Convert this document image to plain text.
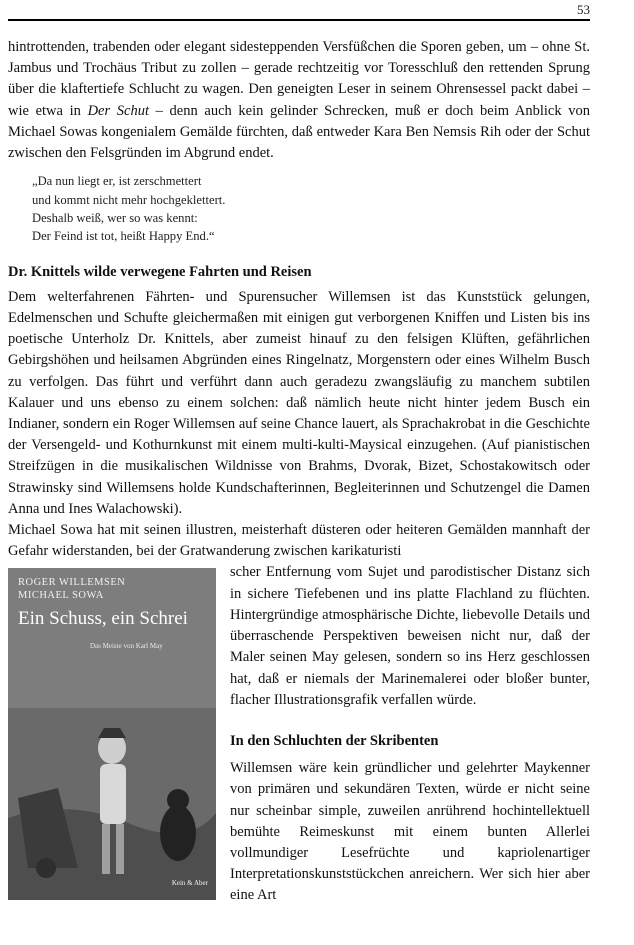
53

hintrottenden, trabenden oder elegant sidesteppenden Versfüßchen die Sporen geben, um – ohne St. Jambus und Trochäus Tribut zu zollen – gerade rechtzeitig vor Toresschluß den rettenden Sprung über die klaftertiefe Schlucht zu wagen. Den geneigten Leser in seinem Ohrensessel packt dabei – wie etwa in Der Schut – denn auch kein gelinder Schrecken, muß er doch beim Anblick von Michael Sowas kongenialem Gemälde fürchten, daß entweder Kara Ben Nemsis Rih oder der Schut zwischen den Felsgründen im Abgrund endet.

„Da nun liegt er, ist zerschmettert
und kommt nicht mehr hochgeklettert.
Deshalb weiß, wer so was kennt:
Der Feind ist tot, heißt Happy End.“
Dr. Knittels wilde verwegene Fahrten und Reisen

Dem welterfahrenen Fährten- und Spurensucher Willemsen ist das Kunststück gelungen, Edelmenschen und Schufte gleichermaßen mit einigen gut verborgenen Kniffen und Listen bis ins poetische Unterholz Dr. Knittels, aber zumeist hinauf zu den felsigen Klüften, gefährlichen Gebirgshöhen und heilsamen Abgründen eines Ringelnatz, Morgenstern oder eines Wilhelm Busch zu verfolgen. Das führt und verführt dann auch geradezu zwangsläufig zu manchem subtilen Kalauer und uns ebenso zu einem solchen: daß nämlich heute nicht hinter jedem Busch ein Indianer, sondern ein Roger Willemsen auf seine Chance lauert, als Sprachakrobat in die Geschichte der Versengeld- und Kothurnkunst mit einem multi-kulti-Maysical einzugehen. (Auf pianistischen Streifzügen in die musikalischen Wildnisse von Brahms, Dvorak, Bizet, Schostakowitsch oder Strawinsky sind Willemsens holde Kundschafterinnen, Begleiterinnen und Schutzengel die Damen Anna und Ines Walachowski).

Michael Sowa hat mit seinen illustren, meisterhaft düsteren oder heiteren Gemälden mannhaft der Gefahr widerstanden, bei der Gratwanderung zwischen karikaturisti

ROGER WILLEMSEN
MICHAEL SOWA
Ein Schuss, ein Schrei
Das Meiste von Karl May
Kein & Aber

scher Entfernung vom Sujet und parodistischer Distanz sich in sichere Tiefebenen und ins platte Flachland zu flüchten. Hintergründige atmosphärische Dichte, liebevolle Details und überraschende Perspektiven beweisen nicht nur, daß der Maler seinen May gelesen, sondern so ins Herz geschlossen hat, daß er niemals der Marinemalerei oder bloßer bunter, flacher Illustrationsgrafik verfallen würde.

In den Schluchten der Skribenten

Willemsen wäre kein gründlicher und gelehrter Maykenner von primären und sekundären Texten, würde er nicht seine nur scheinbar simple, zuweilen anrührend hochintellektuell bemühte Reimeskunst mit einem bunten Allerlei vollmundiger Lesefrüchte und kapriolenartiger Interpretationskunststückchen anreichern. Wer sich hier aber eine Art
